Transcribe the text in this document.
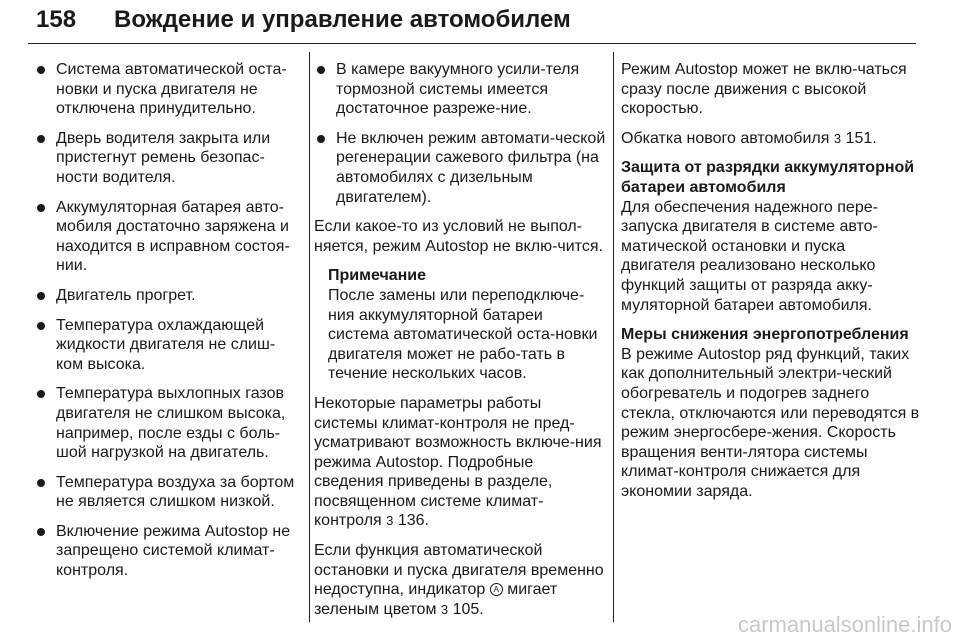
158 Вождение и управление автомобилем
Система автоматической оста-новки и пуска двигателя не отключена принудительно.
Дверь водителя закрыта или пристегнут ремень безопас-ности водителя.
Аккумуляторная батарея авто-мобиля достаточно заряжена и находится в исправном состоя-нии.
Двигатель прогрет.
Температура охлаждающей жидкости двигателя не слиш-ком высока.
Температура выхлопных газов двигателя не слишком высока, например, после езды с боль-шой нагрузкой на двигатель.
Температура воздуха за бортом не является слишком низкой.
Включение режима Autostop не запрещено системой климат-контроля.
В камере вакуумного усили-теля тормозной системы имеется достаточное разреже-ние.
Не включен режим автомати-ческой регенерации сажевого фильтра (на автомобилях с дизельным двигателем).

Если какое-то из условий не выпол-няется, режим Autostop не вклю-чится.

Примечание
После замены или переподключе-ния аккумуляторной батареи система автоматической оста-новки двигателя может не рабо-тать в течение нескольких часов.

Некоторые параметры работы системы климат-контроля не пред-усматривают возможность включе-ния режима Autostop. Подробные сведения приведены в разделе, посвященном системе климат-контроля 3 136.

Если функция автоматической остановки и пуска двигателя временно недоступна, индикатор A мигает зеленым цветом 3 105.

Режим Autostop может не вклю-чаться сразу после движения с высокой скоростью.

Обкатка нового автомобиля 3 151.

Защита от разрядки аккумуляторной батареи автомобиля

Для обеспечения надежного пере-запуска двигателя в системе авто-матической остановки и пуска двигателя реализовано несколько функций защиты от разряда акку-муляторной батареи автомобиля.

Меры снижения энергопотребления

В режиме Autostop ряд функций, таких как дополнительный электри-ческий обогреватель и подогрев заднего стекла, отключаются или переводятся в режим энергосбере-жения. Скорость вращения венти-лятора системы климат-контроля снижается для экономии заряда.

carmanualsonline.info
